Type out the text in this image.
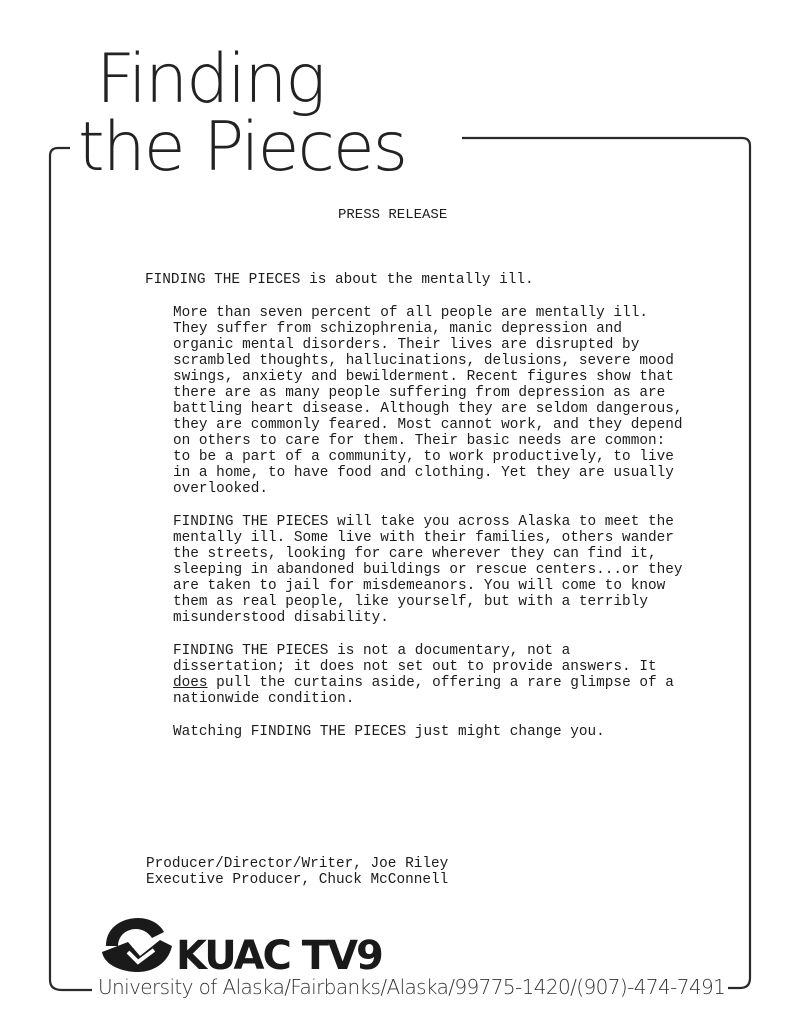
Finding
the Pieces
PRESS RELEASE

FINDING THE PIECES is about the mentally ill.

More than seven percent of all people are mentally ill. They suffer from schizophrenia, manic depression and organic mental disorders. Their lives are disrupted by scrambled thoughts, hallucinations, delusions, severe mood swings, anxiety and bewilderment. Recent figures show that there are as many people suffering from depression as are battling heart disease. Although they are seldom dangerous, they are commonly feared. Most cannot work, and they depend on others to care for them. Their basic needs are common: to be a part of a community, to work productively, to live in a home, to have food and clothing. Yet they are usually overlooked.

FINDING THE PIECES will take you across Alaska to meet the mentally ill. Some live with their families, others wander the streets, looking for care wherever they can find it, sleeping in abandoned buildings or rescue centers...or they are taken to jail for misdemeanors. You will come to know them as real people, like yourself, but with a terribly misunderstood disability.

FINDING THE PIECES is not a documentary, not a dissertation; it does not set out to provide answers. It does pull the curtains aside, offering a rare glimpse of a nationwide condition.

Watching FINDING THE PIECES just might change you.

Producer/Director/Writer, Joe Riley
Executive Producer, Chuck McConnell
KUAC TV9
University of Alaska/Fairbanks/Alaska/99775-1420/(907)-474-7491
